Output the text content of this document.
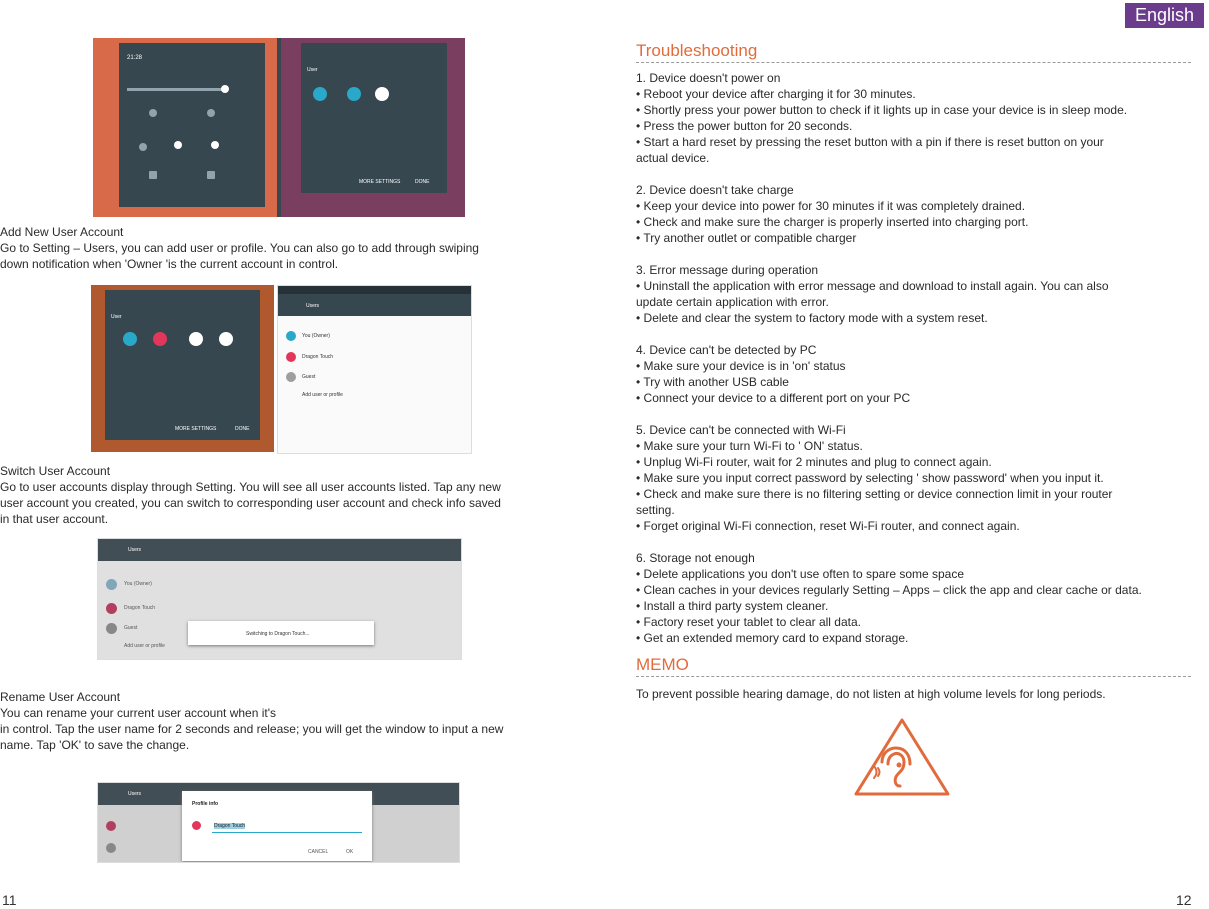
21:28
User
MORE SETTINGS	DONE
Add New User Account
Go to Setting – Users, you can add user or profile. You can also go to add through swiping
down notification when 'Owner 'is the current account in control.
User
MORE SETTINGS	DONE
Users
You (Owner)
Dragon Touch
Guest
Add user or profile
Switch User Account
Go to user accounts display through Setting. You will see all user accounts listed. Tap any new
user account you created, you can switch to corresponding user account and check info saved
in that user account.
Users
You (Owner)
Dragon Touch
Guest
Add user or profile
Switching to Dragon Touch...
Rename User Account
You can rename your current user account when it's
in control. Tap the user name for 2 seconds and release; you will get the window to input a new
name. Tap 'OK' to save the change.
Users
Profile info
Dragon Touch
CANCEL	OK
11
English
Troubleshooting
1. Device doesn't power on
• Reboot your device after charging it for 30 minutes.
• Shortly press your power button to check if it lights up in case your device is in sleep mode.
• Press the power button for 20 seconds.
• Start a hard reset by pressing the reset button with a pin if there is reset button on your
actual device.
2. Device doesn't take charge
• Keep your device into power for 30 minutes if it was completely drained.
• Check and make sure the charger is properly inserted into charging port.
• Try another outlet or compatible charger
3. Error message during operation
• Uninstall the application with error message and download to install again. You can also
update certain application with error.
• Delete and clear the system to factory mode with a system reset.
4. Device can't be detected by PC
• Make sure your device is in 'on' status
• Try with another USB cable
• Connect your device to a different port on your PC
5. Device can't be connected with Wi-Fi
• Make sure your turn Wi-Fi to ' ON' status.
• Unplug Wi-Fi router, wait for 2 minutes and plug to connect again.
• Make sure you input correct password by selecting ' show password' when you input it.
• Check and make sure there is no filtering setting or device connection limit in your router
setting.
• Forget original Wi-Fi connection, reset Wi-Fi router, and connect again.
6. Storage not enough
• Delete applications you don't use often to spare some space
• Clean caches in your devices regularly Setting – Apps – click the app and clear cache or data.
• Install a third party system cleaner.
• Factory reset your tablet to clear all data.
• Get an extended memory card to expand storage.
MEMO
To prevent possible hearing damage, do not listen at high volume levels for long periods.
12
